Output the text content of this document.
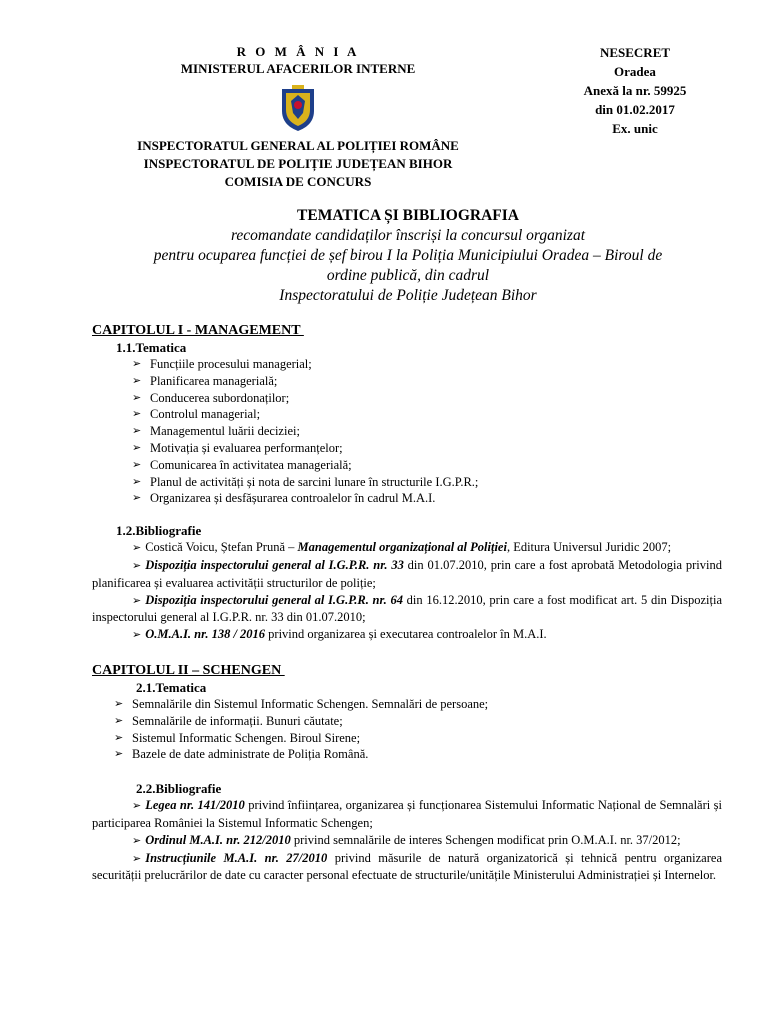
R O M Â N I A
MINISTERUL AFACERILOR INTERNE
INSPECTORATUL GENERAL AL POLIȚIEI ROMÂNE
INSPECTORATUL DE POLIȚIE JUDEȚEAN BIHOR
COMISIA DE CONCURS
NESECRET
Oradea
Anexă la nr. 59925
din 01.02.2017
Ex. unic
TEMATICA ȘI BIBLIOGRAFIA
recomandate candidaților înscriși la concursul organizat
pentru ocuparea funcției de șef birou I la Poliția Municipiului Oradea – Biroul de
ordine publică, din cadrul
Inspectoratului de Poliție Județean Bihor
CAPITOLUL I - MANAGEMENT
1.1.Tematica
➢ Funcțiile procesului managerial;
➢ Planificarea managerială;
➢ Conducerea subordonaților;
➢ Controlul managerial;
➢ Managementul luării deciziei;
➢ Motivația și evaluarea performanțelor;
➢ Comunicarea în activitatea managerială;
➢ Planul de activități și nota de sarcini lunare în structurile I.G.P.R.;
➢ Organizarea și desfășurarea controalelor în cadrul M.A.I.
1.2.Bibliografie
➢ Costică Voicu, Ștefan Prună – Managementul organizațional al Poliției, Editura Universul Juridic 2007;
➢ Dispoziția inspectorului general al I.G.P.R. nr. 33 din 01.07.2010, prin care a fost aprobată Metodologia privind planificarea și evaluarea activității structurilor de poliție;
➢ Dispoziția inspectorului general al I.G.P.R. nr. 64 din 16.12.2010, prin care a fost modificat art. 5 din Dispoziția inspectorului general al I.G.P.R. nr. 33 din 01.07.2010;
➢ O.M.A.I. nr. 138 / 2016 privind organizarea și executarea controalelor în M.A.I.
CAPITOLUL II – SCHENGEN
2.1.Tematica
➢ Semnalările din Sistemul Informatic Schengen. Semnalări de persoane;
➢ Semnalările de informații. Bunuri căutate;
➢ Sistemul Informatic Schengen. Biroul Sirene;
➢ Bazele de date administrate de Poliția Română.
2.2.Bibliografie
➢ Legea nr. 141/2010 privind înființarea, organizarea și funcționarea Sistemului Informatic Național de Semnalări și participarea României la Sistemul Informatic Schengen;
➢ Ordinul M.A.I. nr. 212/2010 privind semnalările de interes Schengen modificat prin O.M.A.I. nr. 37/2012;
➢ Instrucțiunile M.A.I. nr. 27/2010 privind măsurile de natură organizatorică și tehnică pentru organizarea securității prelucrărilor de date cu caracter personal efectuate de structurile/unitățile Ministerului Administrației și Internelor.
